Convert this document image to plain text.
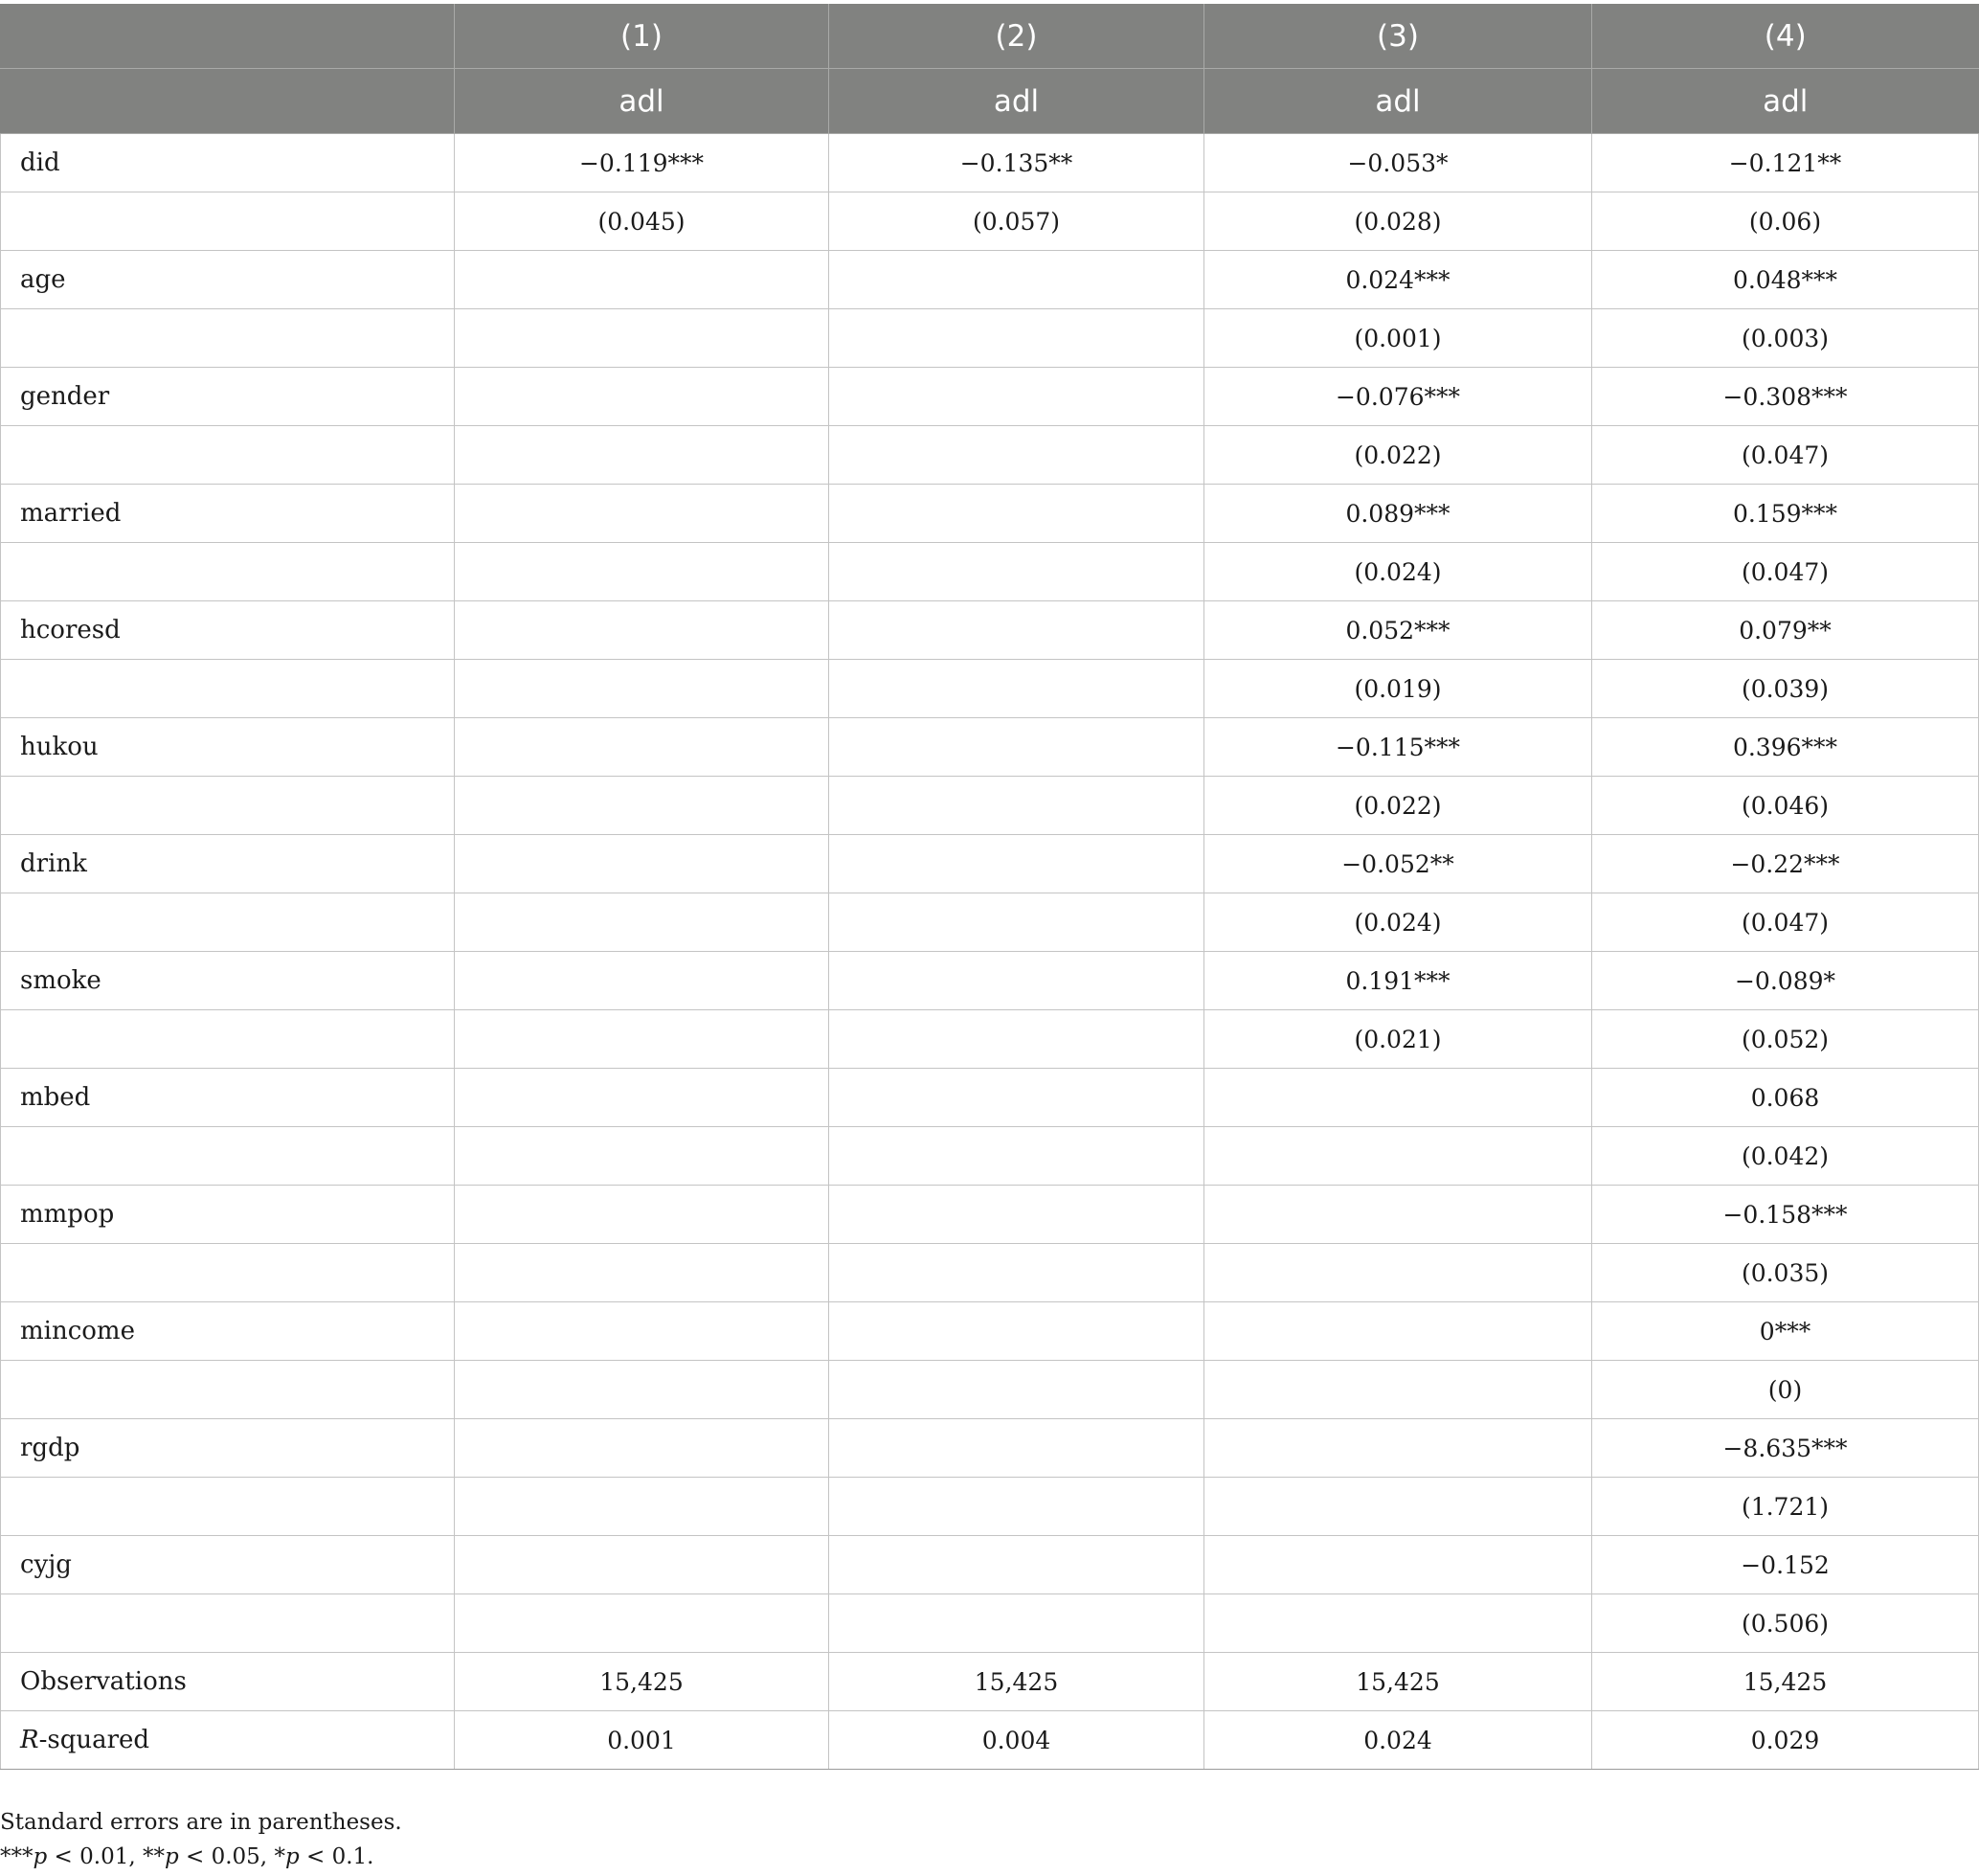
	(1)	(2)	(3)	(4)
	adl	adl	adl	adl
did	−0.119***	−0.135**	−0.053*	−0.121**
	(0.045)	(0.057)	(0.028)	(0.06)
age			0.024***	0.048***
			(0.001)	(0.003)
gender			−0.076***	−0.308***
			(0.022)	(0.047)
married			0.089***	0.159***
			(0.024)	(0.047)
hcoresd			0.052***	0.079**
			(0.019)	(0.039)
hukou			−0.115***	0.396***
			(0.022)	(0.046)
drink			−0.052**	−0.22***
			(0.024)	(0.047)
smoke			0.191***	−0.089*
			(0.021)	(0.052)
mbed				0.068
				(0.042)
mmpop				−0.158***
				(0.035)
mincome				0***
				(0)
rgdp				−8.635***
				(1.721)
cyjg				−0.152
				(0.506)
Observations	15,425	15,425	15,425	15,425
R-squared	0.001	0.004	0.024	0.029
Standard errors are in parentheses.
***p < 0.01, **p < 0.05, *p < 0.1.
